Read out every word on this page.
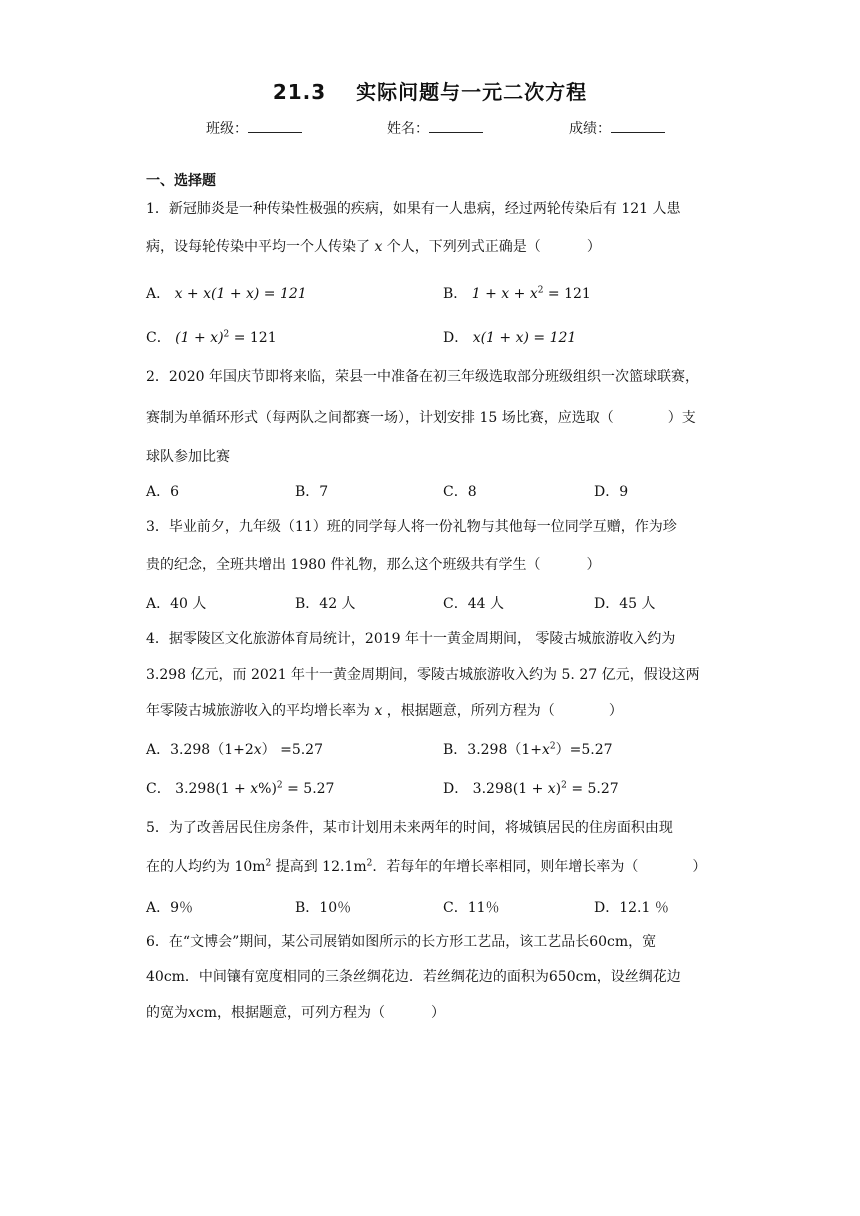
21.3 实际问题与一元二次方程
班级：	姓名：	成绩：
一、选择题
1．新冠肺炎是一种传染性极强的疾病，如果有一人患病，经过两轮传染后有 121 人患
病，设每轮传染中平均一个人传染了 x 个人，下列列式正确是（	）
A． x + x(1 + x) = 121	B． $1 + x + x^2 = 121$
C． $(1 + x)^2 = 121$	D． x(1 + x) = 121
2．2020 年国庆节即将来临，荣县一中准备在初三年级选取部分班级组织一次篮球联赛，
赛制为单循环形式（每两队之间都赛一场），计划安排 15 场比赛，应选取（	）支
球队参加比赛
A．6	B．7	C．8	D．9
3．毕业前夕，九年级（11）班的同学每人将一份礼物与其他每一位同学互赠，作为珍
贵的纪念，全班共增出 1980 件礼物，那么这个班级共有学生（	）
A．40 人	B．42 人	C．44 人	D．45 人
4．据零陵区文化旅游体育局统计，2019 年十一黄金周期间， 零陵古城旅游收入约为
3.298 亿元，而 2021 年十一黄金周期间，零陵古城旅游收入约为 5. 27 亿元，假设这两
年零陵古城旅游收入的平均增长率为 x ，根据题意，所列方程为（	）
A．3.298（1+2x） =5.27	B．$3.298(1+x^2)=5.27$
C． $3.298(1 + x\%)^2 = 5.27$	D． $3.298(1 + x)^2 = 5.27$
5．为了改善居民住房条件，某市计划用未来两年的时间，将城镇居民的住房面积由现
在的人均约为 $10m^2$ 提高到 $12.1m^2$．若每年的年增长率相同，则年增长率为（	）
A．9％	B．10％	C．11％	D．12.1 ％
6．在“文博会”期间，某公司展销如图所示的长方形工艺品，该工艺品长60cm，宽
40cm．中间镶有宽度相同的三条丝绸花边．若丝绸花边的面积为650cm，设丝绸花边
的宽为xcm，根据题意，可列方程为（	）
